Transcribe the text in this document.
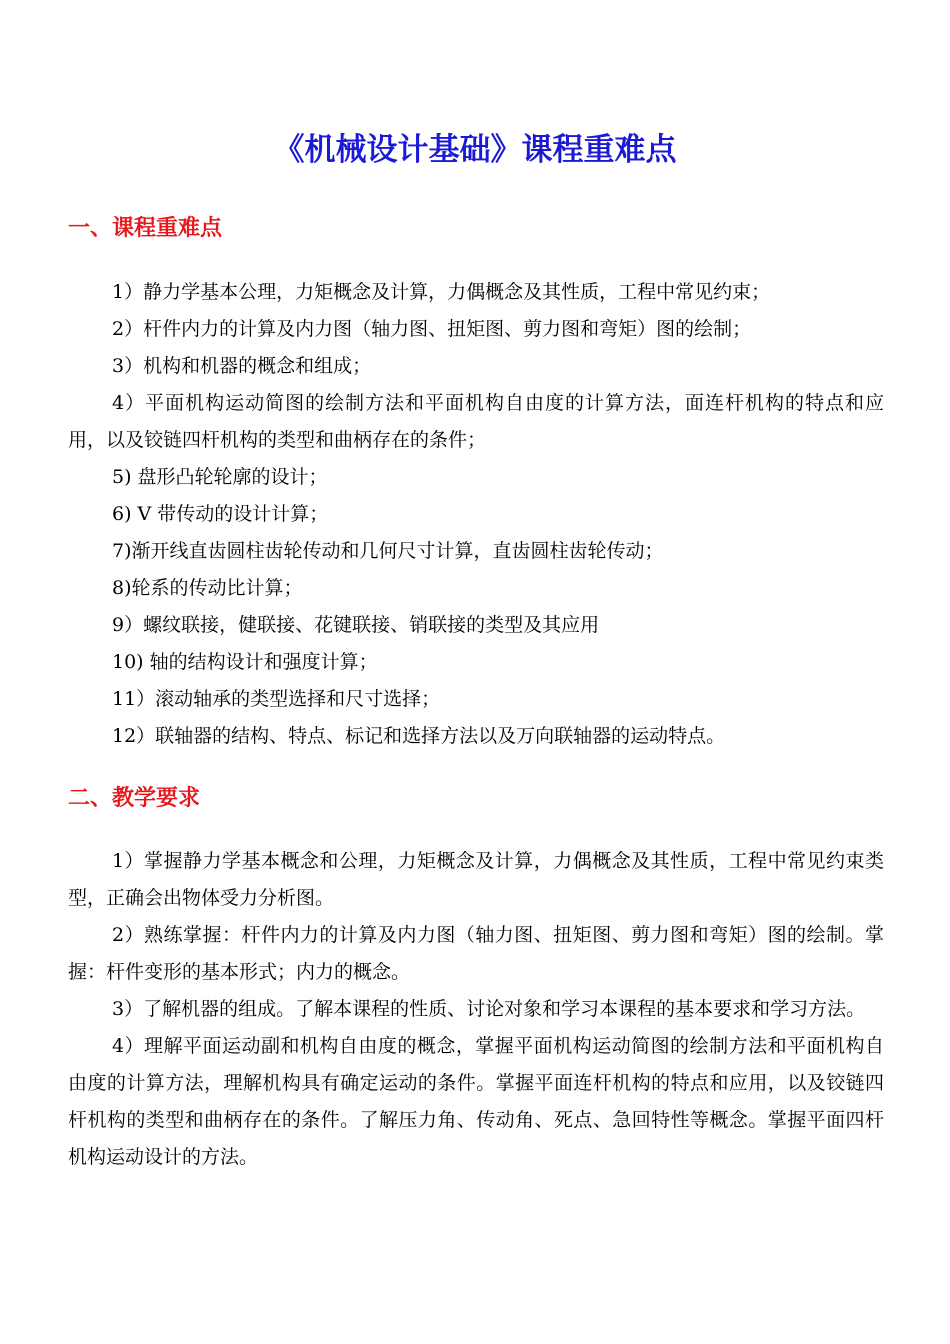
《机械设计基础》课程重难点
一、课程重难点

1）静力学基本公理，力矩概念及计算，力偶概念及其性质，工程中常见约束；

2）杆件内力的计算及内力图（轴力图、扭矩图、剪力图和弯矩）图的绘制；

3）机构和机器的概念和组成；

4）平面机构运动简图的绘制方法和平面机构自由度的计算方法，面连杆机构的特点和应用，以及铰链四杆机构的类型和曲柄存在的条件；

5) 盘形凸轮轮廓的设计；

6) V 带传动的设计计算；

7)渐开线直齿圆柱齿轮传动和几何尺寸计算，直齿圆柱齿轮传动；

8)轮系的传动比计算；

9）螺纹联接，健联接、花键联接、销联接的类型及其应用

10) 轴的结构设计和强度计算；

11）滚动轴承的类型选择和尺寸选择；

12）联轴器的结构、特点、标记和选择方法以及万向联轴器的运动特点。

二、教学要求

1）掌握静力学基本概念和公理，力矩概念及计算，力偶概念及其性质，工程中常见约束类型，正确会出物体受力分析图。

2）熟练掌握：杆件内力的计算及内力图（轴力图、扭矩图、剪力图和弯矩）图的绘制。掌握：杆件变形的基本形式；内力的概念。

3）了解机器的组成。了解本课程的性质、讨论对象和学习本课程的基本要求和学习方法。

4）理解平面运动副和机构自由度的概念，掌握平面机构运动简图的绘制方法和平面机构自由度的计算方法，理解机构具有确定运动的条件。掌握平面连杆机构的特点和应用，以及铰链四杆机构的类型和曲柄存在的条件。了解压力角、传动角、死点、急回特性等概念。掌握平面四杆机构运动设计的方法。
